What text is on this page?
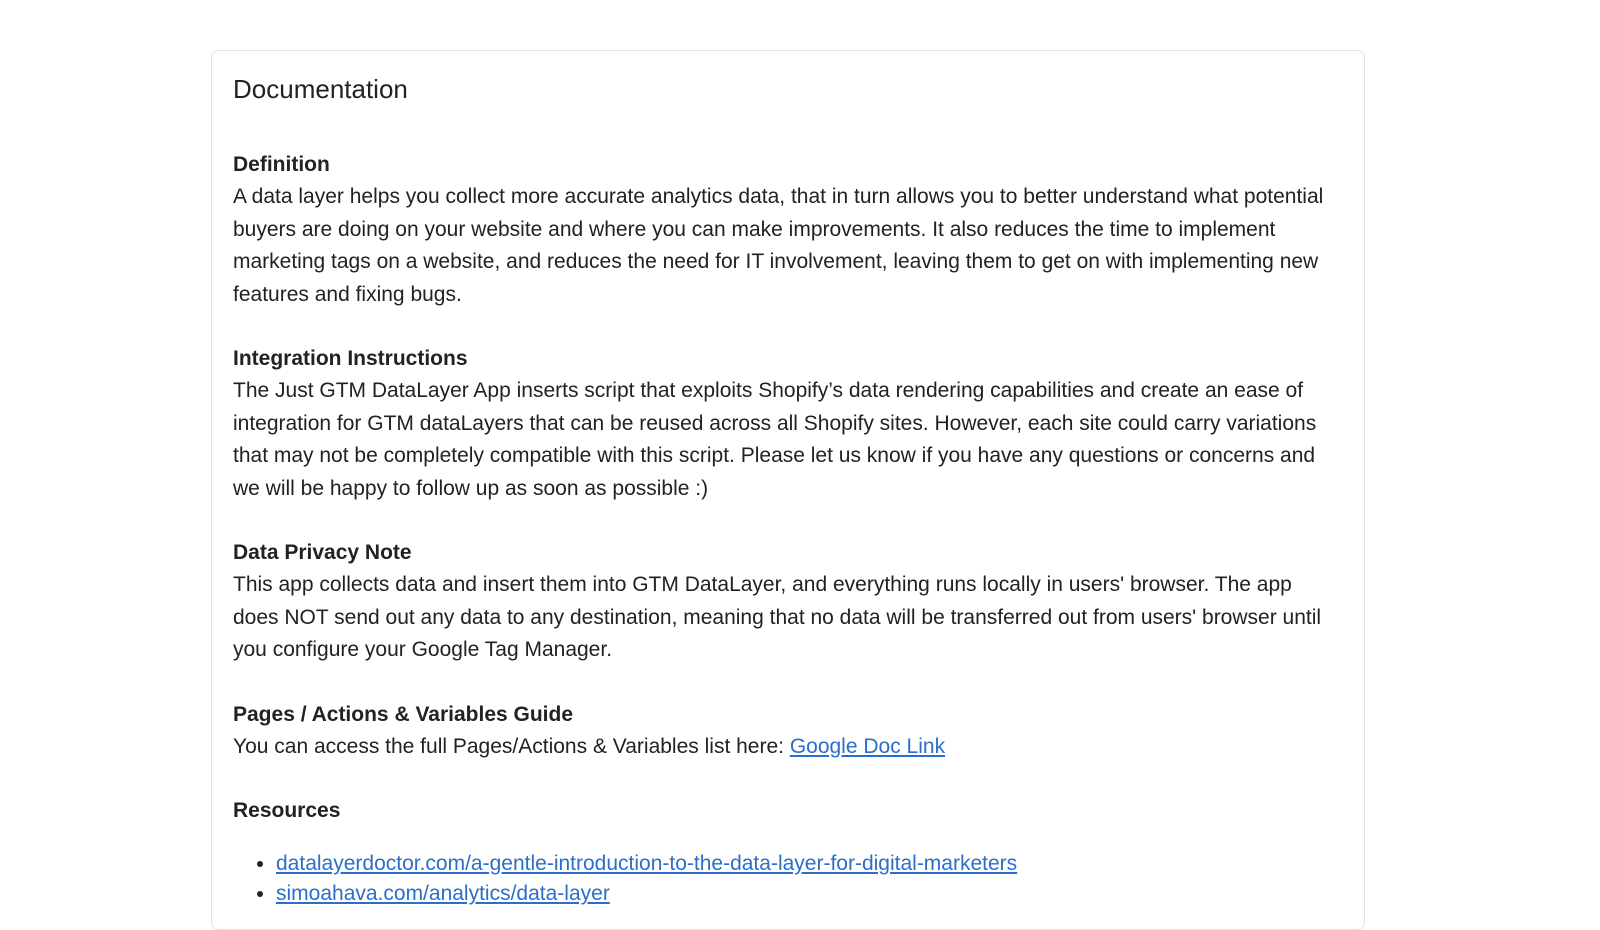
Documentation

Definition

A data layer helps you collect more accurate analytics data, that in turn allows you to better understand what potential buyers are doing on your website and where you can make improvements. It also reduces the time to implement marketing tags on a website, and reduces the need for IT involvement, leaving them to get on with implementing new features and fixing bugs.

Integration Instructions

The Just GTM DataLayer App inserts script that exploits Shopify’s data rendering capabilities and create an ease of integration for GTM dataLayers that can be reused across all Shopify sites. However, each site could carry variations that may not be completely compatible with this script. Please let us know if you have any questions or concerns and we will be happy to follow up as soon as possible :)

Data Privacy Note

This app collects data and insert them into GTM DataLayer, and everything runs locally in users' browser. The app does NOT send out any data to any destination, meaning that no data will be transferred out from users' browser until you configure your Google Tag Manager.

Pages / Actions & Variables Guide

You can access the full Pages/Actions & Variables list here: Google Doc Link

Resources

• datalayerdoctor.com/a-gentle-introduction-to-the-data-layer-for-digital-marketers
• simoahava.com/analytics/data-layer
